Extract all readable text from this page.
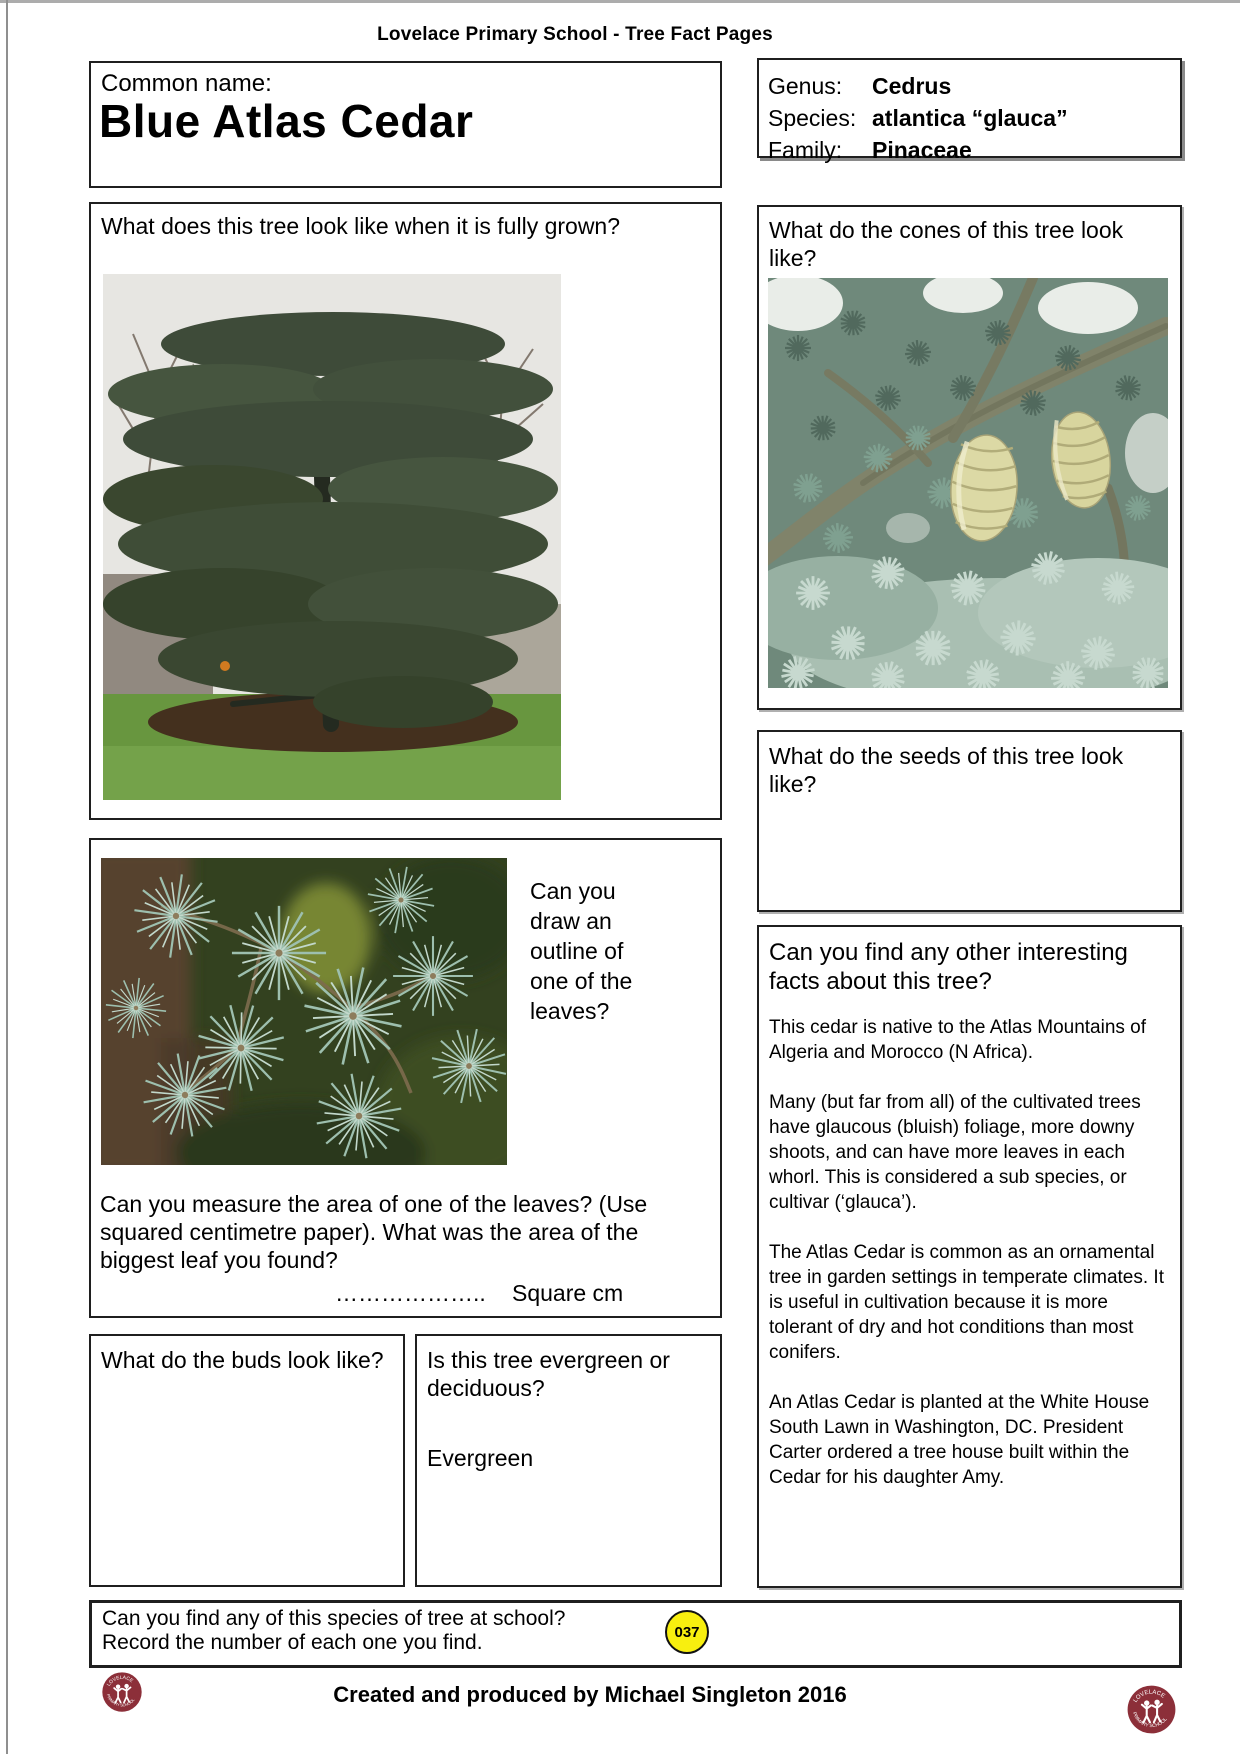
Lovelace Primary School - Tree Fact Pages
Common name:
Blue Atlas Cedar
Genus:	Cedrus
Species: atlantica “glauca”
Family:	Pinaceae
What does this tree look like when it is fully grown?	What do the cones of this tree look like?
What do the seeds of this tree look like?
Can you find any other interesting facts about this tree?

This cedar is native to the Atlas Mountains of Algeria and Morocco (N Africa).

Many (but far from all) of the cultivated trees have glaucous (bluish) foliage, more downy shoots, and can have more leaves in each whorl. This is considered a sub species, or cultivar (‘glauca’).

The Atlas Cedar is common as an ornamental tree in garden settings in temperate climates. It is useful in cultivation because it is more tolerant of dry and hot conditions than most conifers.

An Atlas Cedar is planted at the White House South Lawn in Washington, DC. President Carter ordered a tree house built within the Cedar for his daughter Amy.

Can you draw an outline of one of the leaves?
Can you measure the area of one of the leaves? (Use squared centimetre paper). What was the area of the biggest leaf you found?
……………….. Square cm
What do the buds look like?	Is this tree evergreen or deciduous?
Evergreen
Can you find any of this species of tree at school?
Record the number of each one you find.	037
Created and produced by Michael Singleton 2016
LOVELACE
PRIMARY SCHOOL	LOVELACE
PRIMARY SCHOOL
